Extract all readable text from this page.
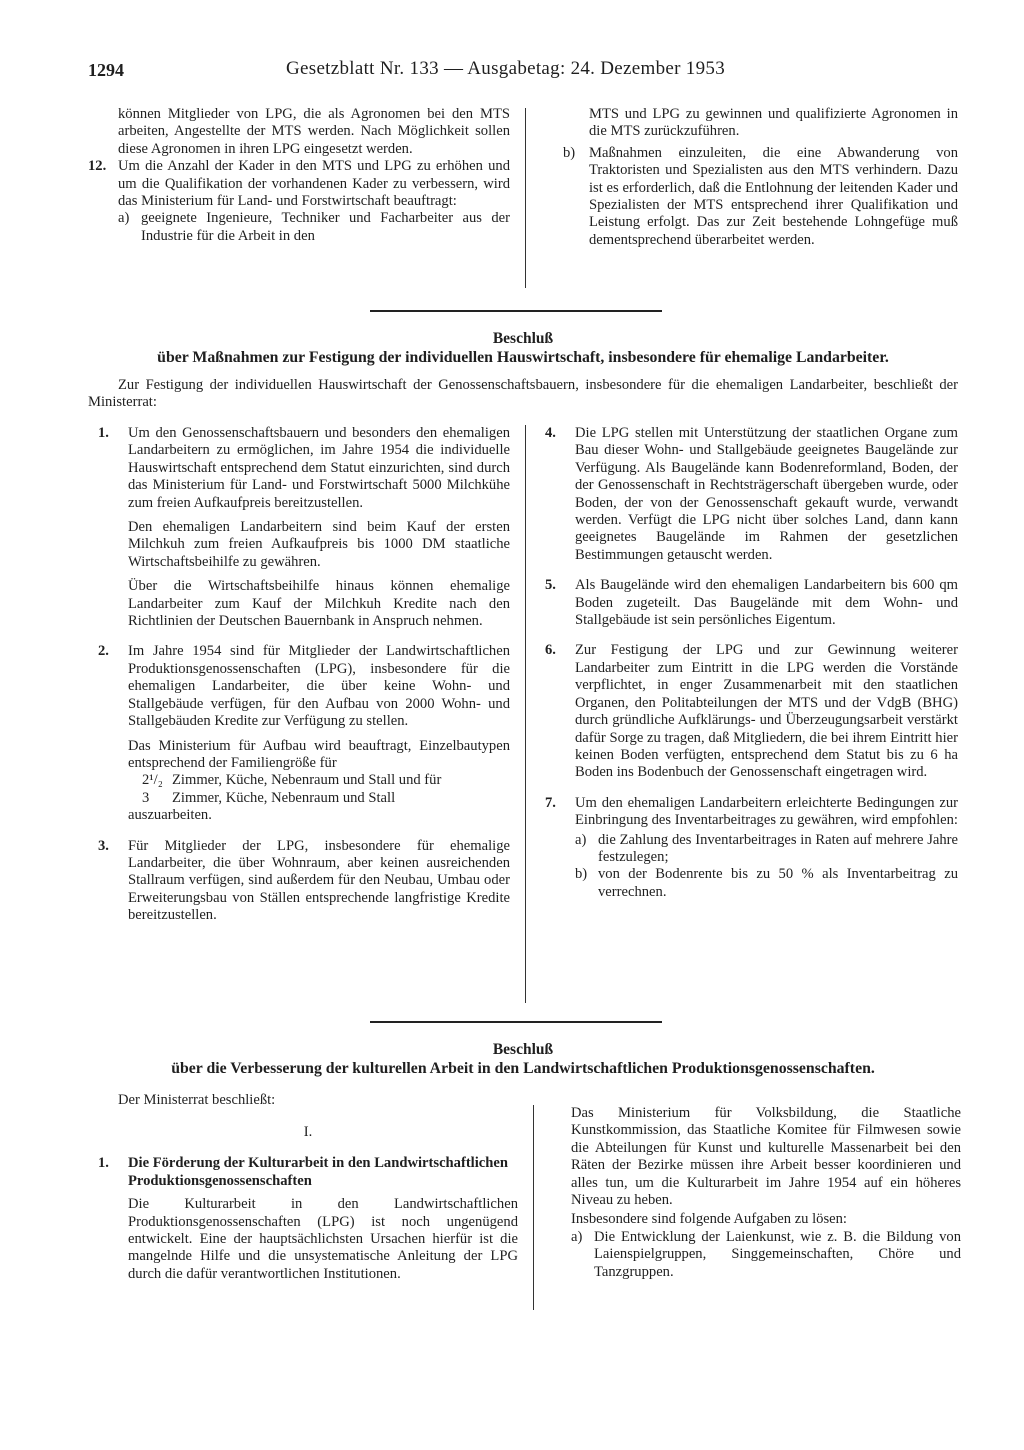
1294	Gesetzblatt Nr. 133 — Ausgabetag: 24. Dezember 1953

können Mitglieder von LPG, die als Agronomen bei den MTS arbeiten, Angestellte der MTS werden. Nach Möglichkeit sollen diese Agronomen in ihren LPG eingesetzt werden.

12. Um die Anzahl der Kader in den MTS und LPG zu erhöhen und um die Qualifikation der vorhandenen Kader zu verbessern, wird das Ministerium für Land- und Forstwirtschaft beauftragt:

a) geeignete Ingenieure, Techniker und Facharbeiter aus der Industrie für die Arbeit in den

MTS und LPG zu gewinnen und qualifizierte Agronomen in die MTS zurückzuführen.

b) Maßnahmen einzuleiten, die eine Abwanderung von Traktoristen und Spezialisten aus den MTS verhindern. Dazu ist es erforderlich, daß die Entlohnung der leitenden Kader und Spezialisten der MTS entsprechend ihrer Qualifikation und Leistung erfolgt. Das zur Zeit bestehende Lohngefüge muß dementsprechend überarbeitet werden.

Beschluß
über Maßnahmen zur Festigung der individuellen Hauswirtschaft, insbesondere für ehemalige Landarbeiter.
Zur Festigung der individuellen Hauswirtschaft der Genossenschaftsbauern, insbesondere für die ehemaligen Landarbeiter, beschließt der Ministerrat:
1. Um den Genossenschaftsbauern und besonders den ehemaligen Landarbeitern zu ermöglichen, im Jahre 1954 die individuelle Hauswirtschaft entsprechend dem Statut einzurichten, sind durch das Ministerium für Land- und Forstwirtschaft 5000 Milchkühe zum freien Aufkaufpreis bereitzustellen.

Den ehemaligen Landarbeitern sind beim Kauf der ersten Milchkuh zum freien Aufkaufpreis bis 1000 DM staatliche Wirtschaftsbeihilfe zu gewähren.

Über die Wirtschaftsbeihilfe hinaus können ehemalige Landarbeiter zum Kauf der Milchkuh Kredite nach den Richtlinien der Deutschen Bauernbank in Anspruch nehmen.

2. Im Jahre 1954 sind für Mitglieder der Landwirtschaftlichen Produktionsgenossenschaften (LPG), insbesondere für die ehemaligen Landarbeiter, die über keine Wohn- und Stallgebäude verfügen, für den Aufbau von 2000 Wohn- und Stallgebäuden Kredite zur Verfügung zu stellen.

Das Ministerium für Aufbau wird beauftragt, Einzelbautypen entsprechend der Familiengröße für

2¹/₂ Zimmer, Küche, Nebenraum und Stall und für
3 Zimmer, Küche, Nebenraum und Stall

auszuarbeiten.

3. Für Mitglieder der LPG, insbesondere für ehemalige Landarbeiter, die über Wohnraum, aber keinen ausreichenden Stallraum verfügen, sind außerdem für den Neubau, Umbau oder Erweiterungsbau von Ställen entsprechende langfristige Kredite bereitzustellen.

4. Die LPG stellen mit Unterstützung der staatlichen Organe zum Bau dieser Wohn- und Stallgebäude geeignetes Baugelände zur Verfügung. Als Baugelände kann Bodenreformland, Boden, der der Genossenschaft in Rechtsträgerschaft übergeben wurde, oder Boden, der von der Genossenschaft gekauft wurde, verwandt werden. Verfügt die LPG nicht über solches Land, dann kann geeignetes Baugelände im Rahmen der gesetzlichen Bestimmungen getauscht werden.

5. Als Baugelände wird den ehemaligen Landarbeitern bis 600 qm Boden zugeteilt. Das Baugelände mit dem Wohn- und Stallgebäude ist sein persönliches Eigentum.

6. Zur Festigung der LPG und zur Gewinnung weiterer Landarbeiter zum Eintritt in die LPG werden die Vorstände verpflichtet, in enger Zusammenarbeit mit den staatlichen Organen, den Politabteilungen der MTS und der VdgB (BHG) durch gründliche Aufklärungs- und Überzeugungsarbeit verstärkt dafür Sorge zu tragen, daß Mitgliedern, die bei ihrem Eintritt hier keinen Boden verfügten, entsprechend dem Statut bis zu 6 ha Boden ins Bodenbuch der Genossenschaft eingetragen wird.

7. Um den ehemaligen Landarbeitern erleichterte Bedingungen zur Einbringung des Inventarbeitrages zu gewähren, wird empfohlen:

a) die Zahlung des Inventarbeitrages in Raten auf mehrere Jahre festzulegen;

b) von der Bodenrente bis zu 50 % als Inventarbeitrag zu verrechnen.

Beschluß
über die Verbesserung der kulturellen Arbeit in den Landwirtschaftlichen Produktionsgenossenschaften.
Der Ministerrat beschließt:
I.
1. Die Förderung der Kulturarbeit in den Landwirtschaftlichen Produktionsgenossenschaften

Die Kulturarbeit in den Landwirtschaftlichen Produktionsgenossenschaften (LPG) ist noch ungenügend entwickelt. Eine der hauptsächlichsten Ursachen hierfür ist die mangelnde Hilfe und die unsystematische Anleitung der LPG durch die dafür verantwortlichen Institutionen.

Das Ministerium für Volksbildung, die Staatliche Kunstkommission, das Staatliche Komitee für Filmwesen sowie die Abteilungen für Kunst und kulturelle Massenarbeit bei den Räten der Bezirke müssen ihre Arbeit besser koordinieren und alles tun, um die Kulturarbeit im Jahre 1954 auf ein höheres Niveau zu heben.

Insbesondere sind folgende Aufgaben zu lösen:

a) Die Entwicklung der Laienkunst, wie z. B. die Bildung von Laienspielgruppen, Singgemeinschaften, Chöre und Tanzgruppen.
